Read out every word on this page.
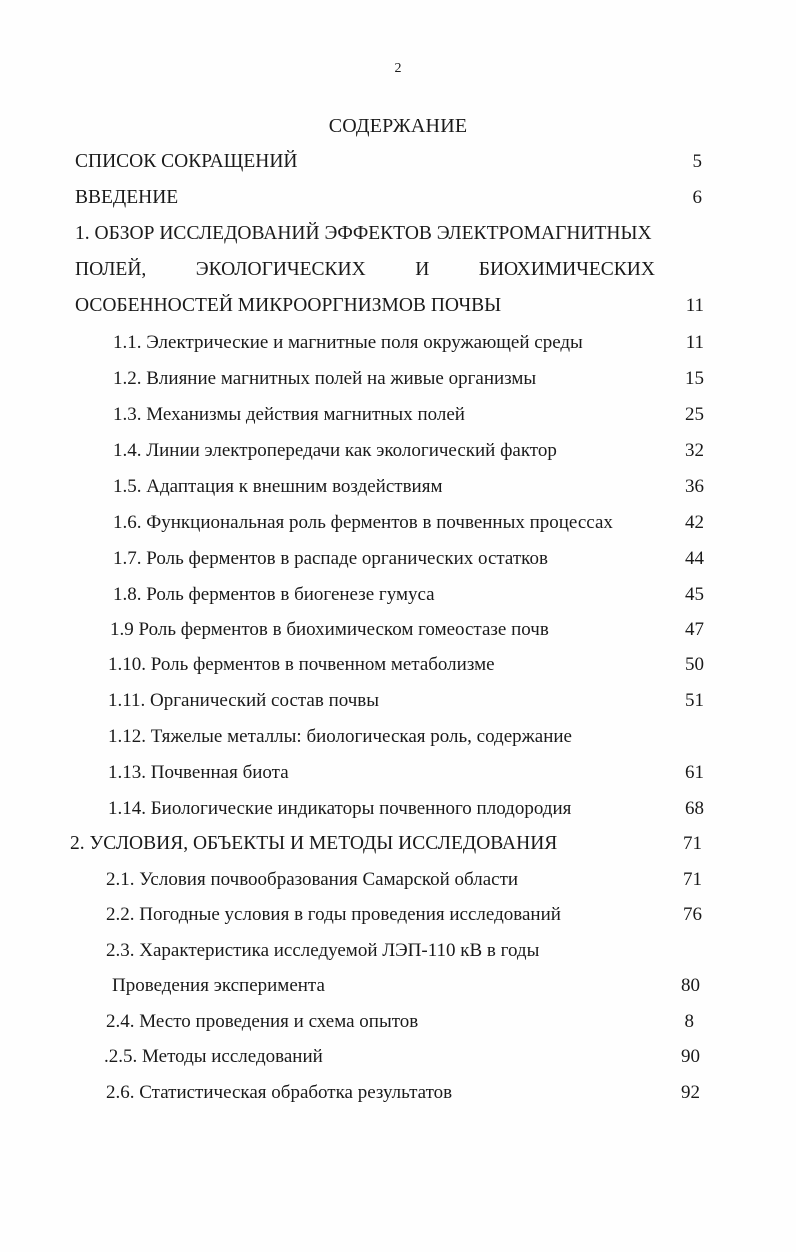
2
СОДЕРЖАНИЕ
СПИСОК СОКРАЩЕНИЙ	5
ВВЕДЕНИЕ	6
1. ОБЗОР ИССЛЕДОВАНИЙ ЭФФЕКТОВ ЭЛЕКТРОМАГНИТНЫХ
ПОЛЕЙ,	ЭКОЛОГИЧЕСКИХ	И	БИОХИМИЧЕСКИХ
ОСОБЕННОСТЕЙ МИКРООРГНИЗМОВ ПОЧВЫ	11
1.1. Электрические и магнитные поля окружающей среды	11
1.2. Влияние магнитных полей на живые организмы	15
1.3. Механизмы действия магнитных полей	25
1.4. Линии электропередачи как экологический фактор	32
1.5. Адаптация к внешним воздействиям	36
1.6. Функциональная роль ферментов в почвенных процессах	42
1.7. Роль ферментов в распаде органических остатков	44
1.8. Роль ферментов в биогенезе гумуса	45
1.9 Роль ферментов в биохимическом гомеостазе почв	47
1.10. Роль ферментов в почвенном метаболизме	50
1.11. Органический состав почвы	51
1.12. Тяжелые металлы: биологическая роль, содержание
1.13. Почвенная биота	61
1.14. Биологические индикаторы почвенного плодородия	68
2. УСЛОВИЯ, ОБЪЕКТЫ И МЕТОДЫ ИССЛЕДОВАНИЯ	71
2.1. Условия почвообразования Самарской области	71
2.2. Погодные условия в годы проведения исследований	76
2.3. Характеристика исследуемой ЛЭП-110 кВ в годы
Проведения эксперимента	80
2.4. Место проведения и схема опытов	8
.2.5. Методы исследований	90
2.6. Статистическая обработка результатов	92
